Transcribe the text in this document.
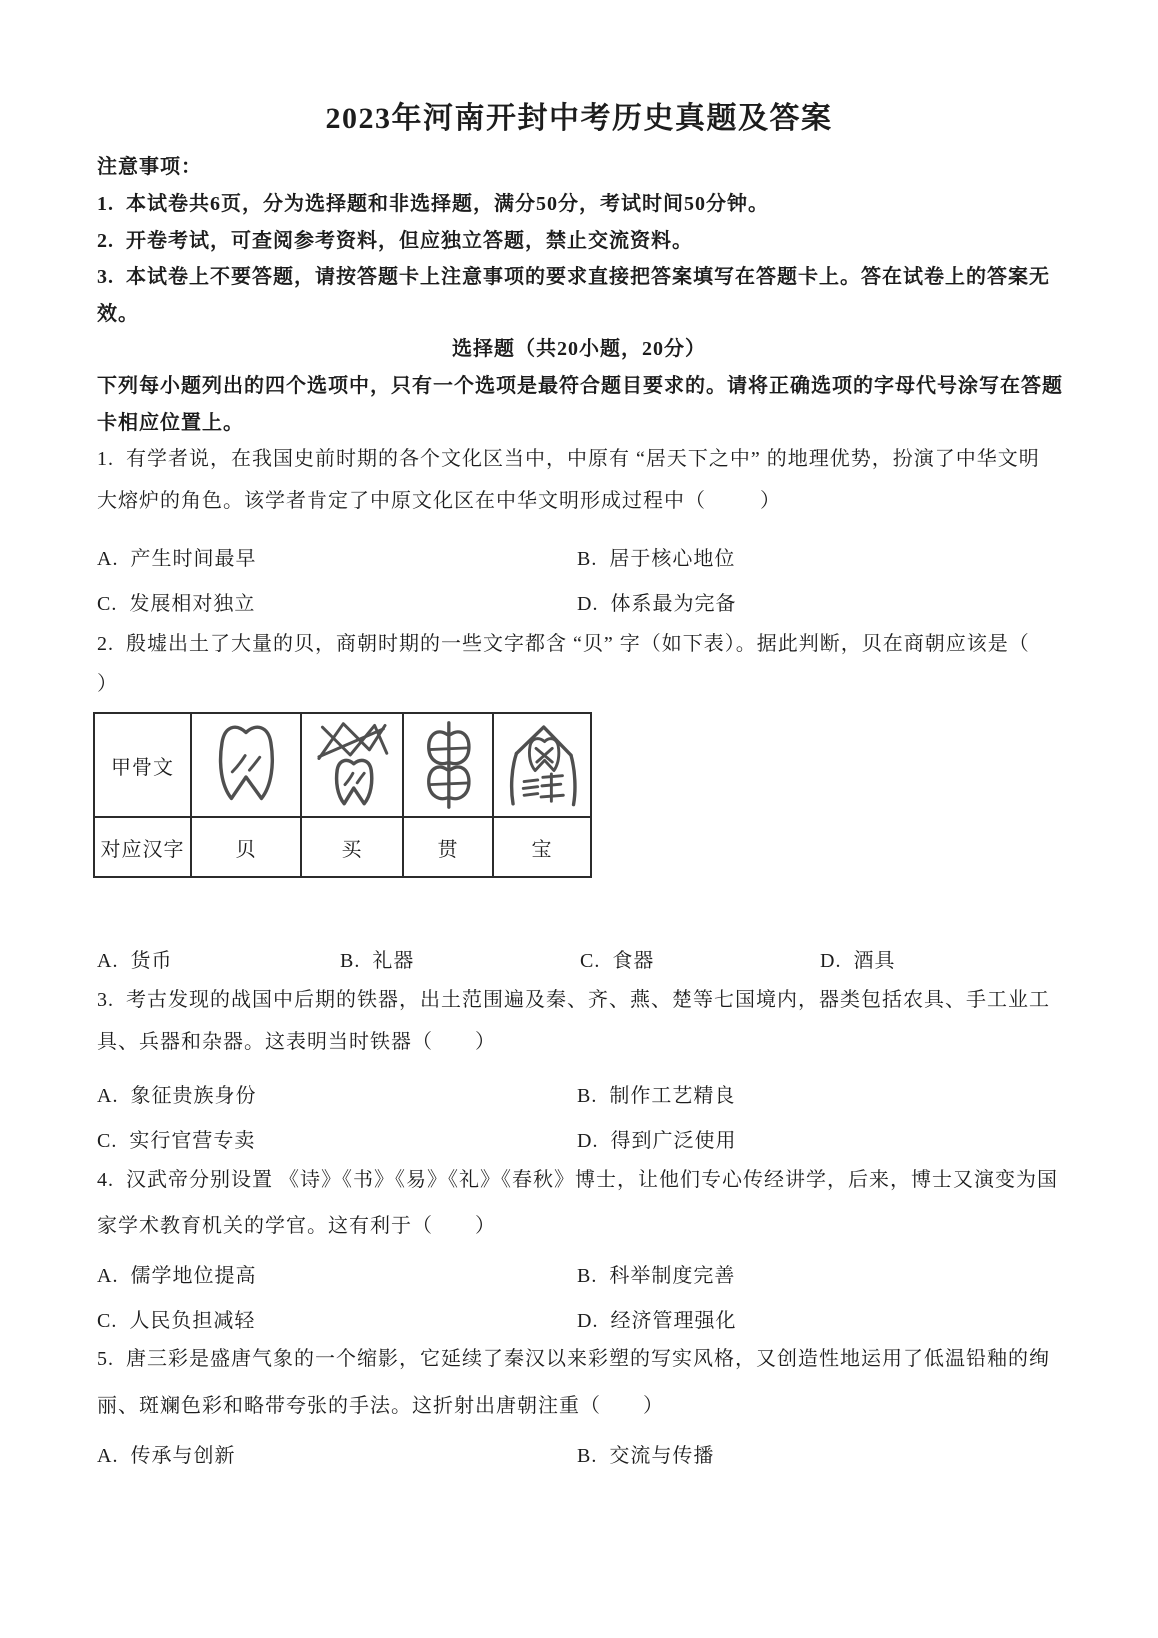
2023年河南开封中考历史真题及答案
注意事项：
1.  本试卷共6页，分为选择题和非选择题，满分50分，考试时间50分钟。
2.  开卷考试，可查阅参考资料，但应独立答题，禁止交流资料。
3.  本试卷上不要答题，请按答题卡上注意事项的要求直接把答案填写在答题卡上。答在试卷上的答案无
效。
选择题（共20小题，20分）
下列每小题列出的四个选项中，只有一个选项是最符合题目要求的。请将正确选项的字母代号涂写在答题
卡相应位置上。
1.  有学者说，在我国史前时期的各个文化区当中，中原有 “居天下之中” 的地理优势，扮演了中华文明
大熔炉的角色。该学者肯定了中原文化区在中华文明形成过程中（         ）
A.  产生时间最早	B.  居于核心地位
C.  发展相对独立	D.  体系最为完备
2.  殷墟出土了大量的贝，商朝时期的一些文字都含 “贝” 字（如下表）。据此判断，贝在商朝应该是（
）
甲骨文
对应汉字	贝	买	贯	宝
A.  货币	B.  礼器	C.  食器	D.  酒具
3.  考古发现的战国中后期的铁器，出土范围遍及秦、齐、燕、楚等七国境内，器类包括农具、手工业工
具、兵器和杂器。这表明当时铁器（       ）
A.  象征贵族身份	B.  制作工艺精良
C.  实行官营专卖	D.  得到广泛使用
4.  汉武帝分别设置 《诗》《书》《易》《礼》《春秋》博士，让他们专心传经讲学，后来，博士又演变为国
家学术教育机关的学官。这有利于（       ）
A.  儒学地位提高	B.  科举制度完善
C.  人民负担减轻	D.  经济管理强化
5.  唐三彩是盛唐气象的一个缩影，它延续了秦汉以来彩塑的写实风格，又创造性地运用了低温铅釉的绚
丽、斑斓色彩和略带夸张的手法。这折射出唐朝注重（       ）
A.  传承与创新	B.  交流与传播
